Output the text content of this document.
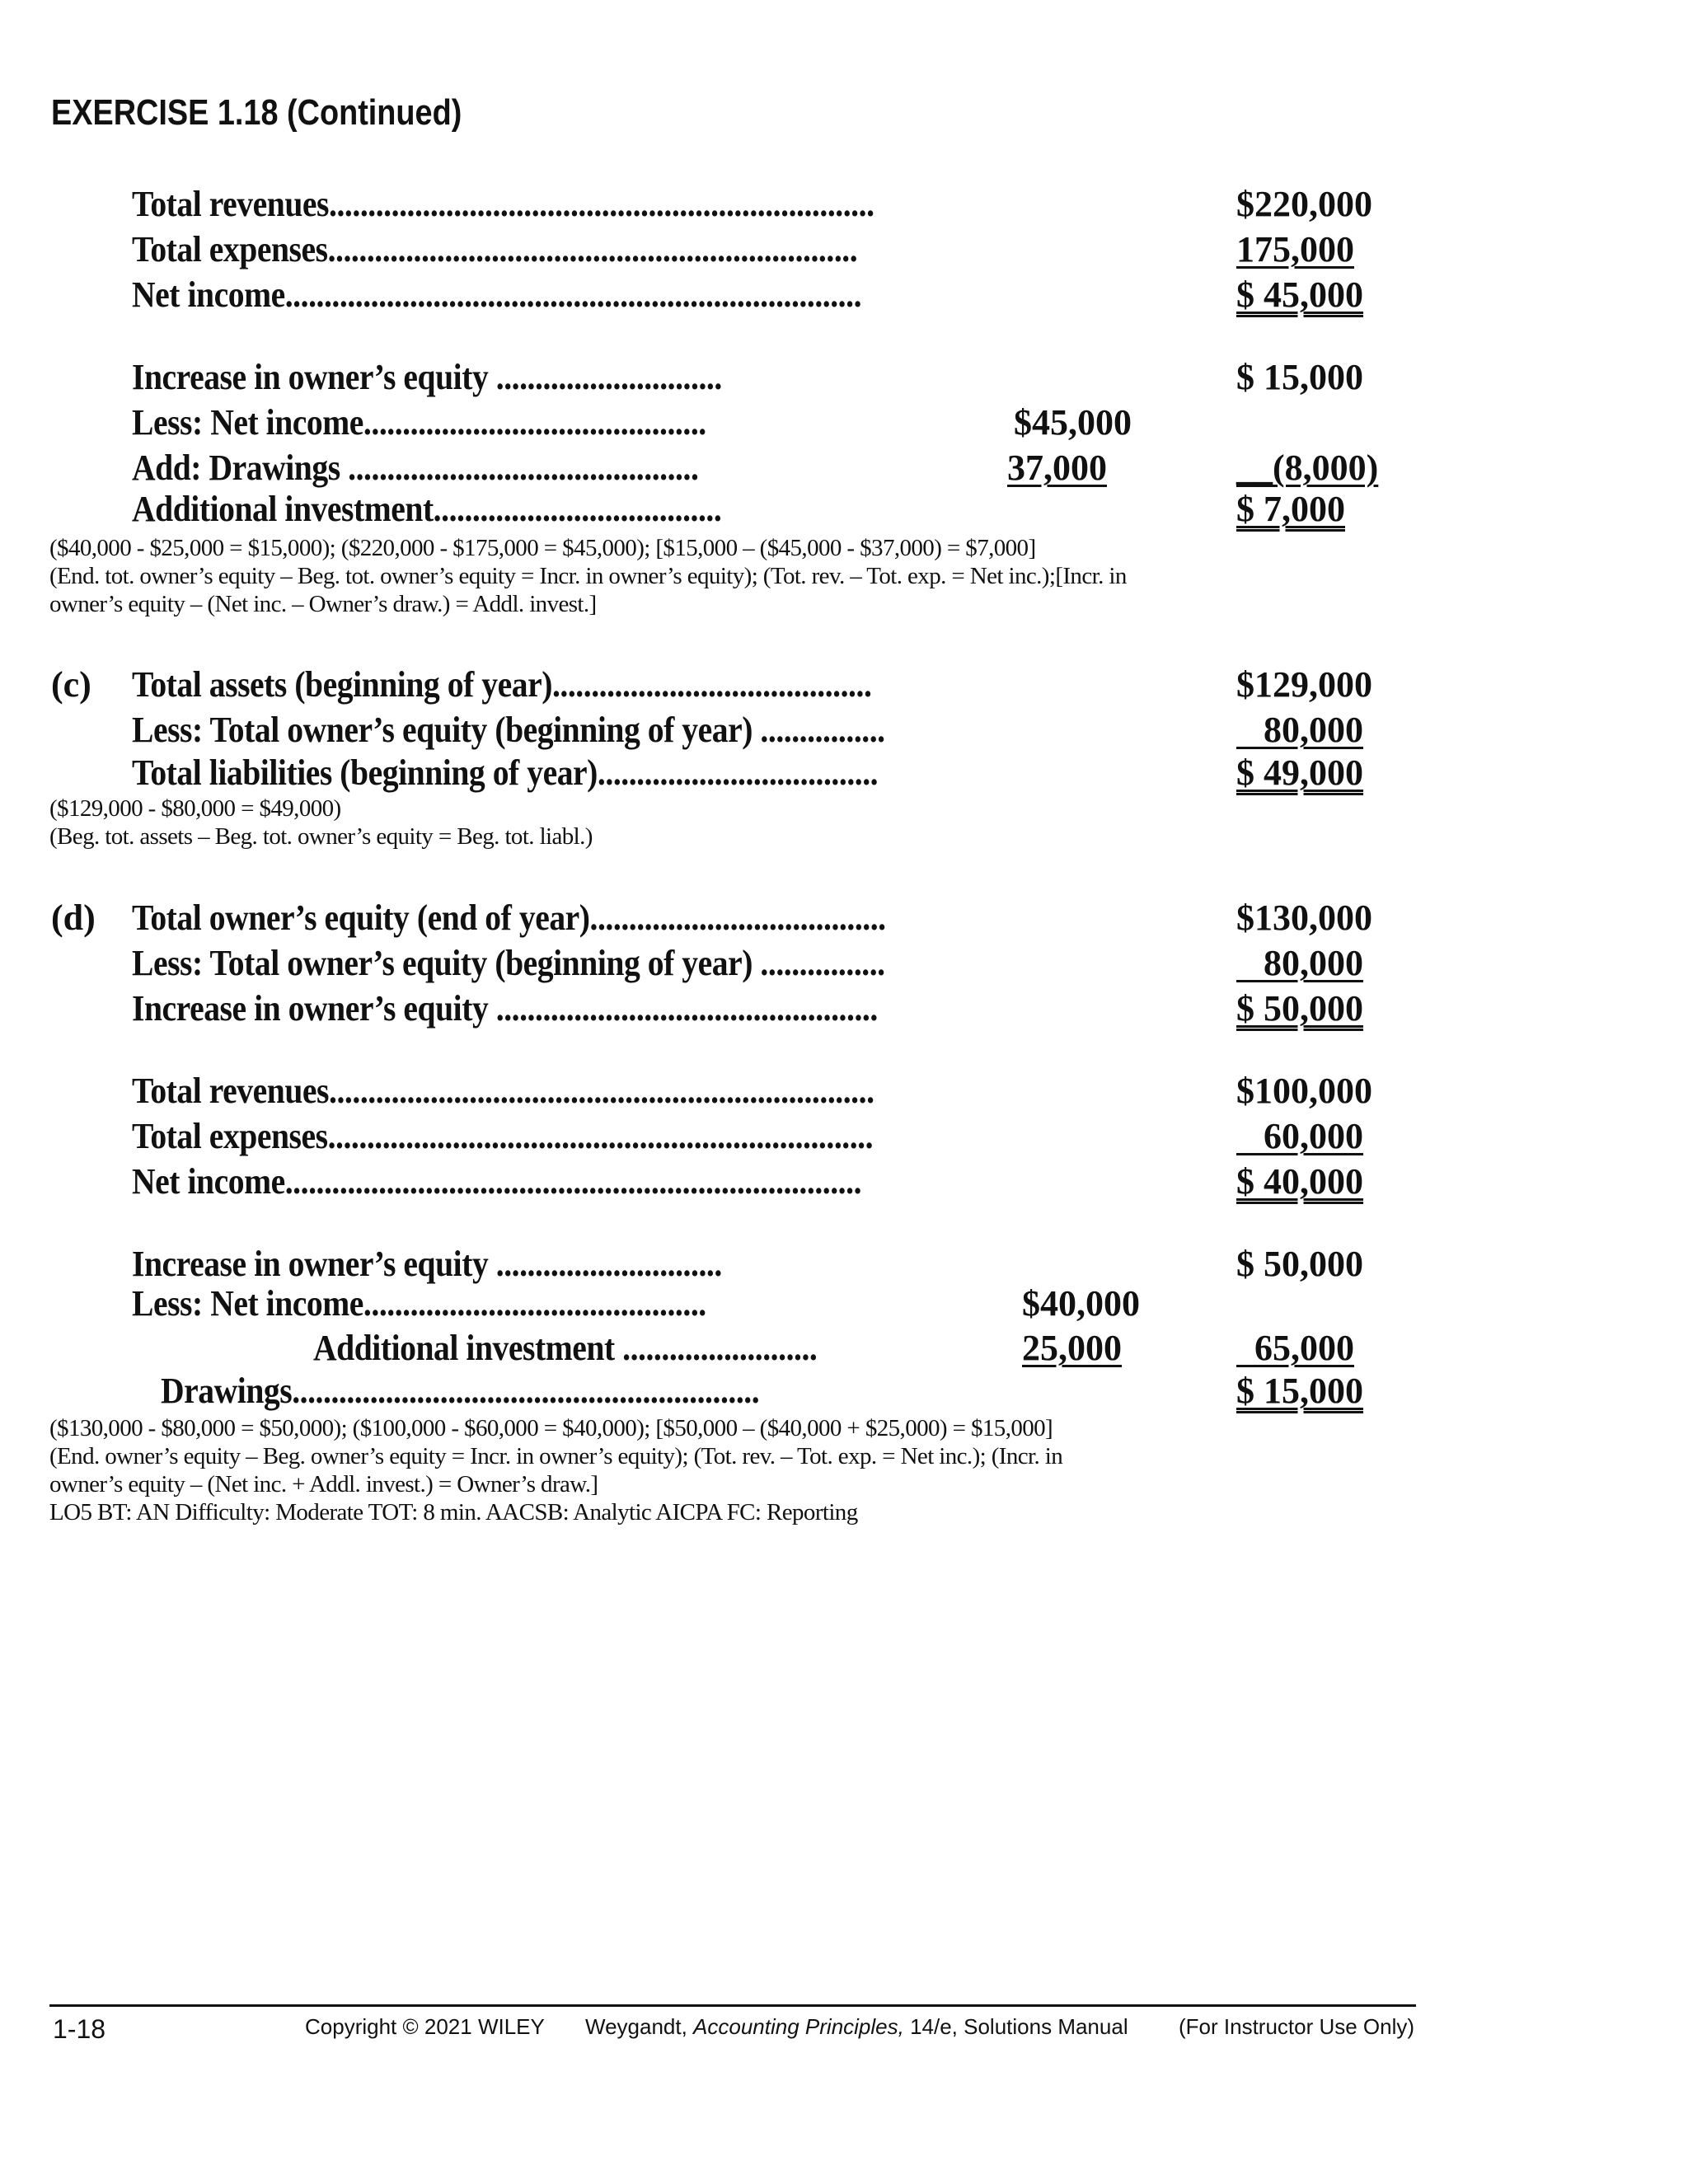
EXERCISE 1.18 (Continued)
Total revenues......................................................................	$220,000
Total expenses....................................................................	175,000
Net income..........................................................................	$ 45,000
Increase in owner’s equity .............................	$ 15,000
Less: Net income............................................	$45,000
Add: Drawings .............................................	37,000	__(8,000)
Additional investment.....................................	$ 7,000
($40,000 - $25,000 = $15,000); ($220,000 - $175,000 = $45,000); [$15,000 – ($45,000 - $37,000) = $7,000]
(End. tot. owner’s equity – Beg. tot. owner’s equity = Incr. in owner’s equity); (Tot. rev. – Tot. exp. = Net inc.);[Incr. in
owner’s equity – (Net inc. – Owner’s draw.) = Addl. invest.]
(c) Total assets (beginning of year).........................................	$129,000
Less: Total owner’s equity (beginning of year) ................	80,000
Total liabilities (beginning of year)....................................	$ 49,000
($129,000 - $80,000 = $49,000)
(Beg. tot. assets – Beg. tot. owner’s equity = Beg. tot. liabl.)
(d) Total owner’s equity (end of year)......................................	$130,000
Less: Total owner’s equity (beginning of year) ................	80,000
Increase in owner’s equity .................................................	$ 50,000
Total revenues......................................................................	$100,000
Total expenses......................................................................	60,000
Net income..........................................................................	$ 40,000
Increase in owner’s equity .............................	$ 50,000
Less: Net income............................................	$40,000
Additional investment .........................	25,000	65,000
Drawings............................................................	$ 15,000
($130,000 - $80,000 = $50,000); ($100,000 - $60,000 = $40,000); [$50,000 – ($40,000 + $25,000) = $15,000]
(End. owner’s equity – Beg. owner’s equity = Incr. in owner’s equity); (Tot. rev. – Tot. exp. = Net inc.); (Incr. in
owner’s equity – (Net inc. + Addl. invest.) = Owner’s draw.]
LO5 BT: AN Difficulty: Moderate TOT: 8 min. AACSB: Analytic AICPA FC: Reporting
1-18	Copyright © 2021 WILEY Weygandt, Accounting Principles, 14/e, Solutions Manual (For Instructor Use Only)
